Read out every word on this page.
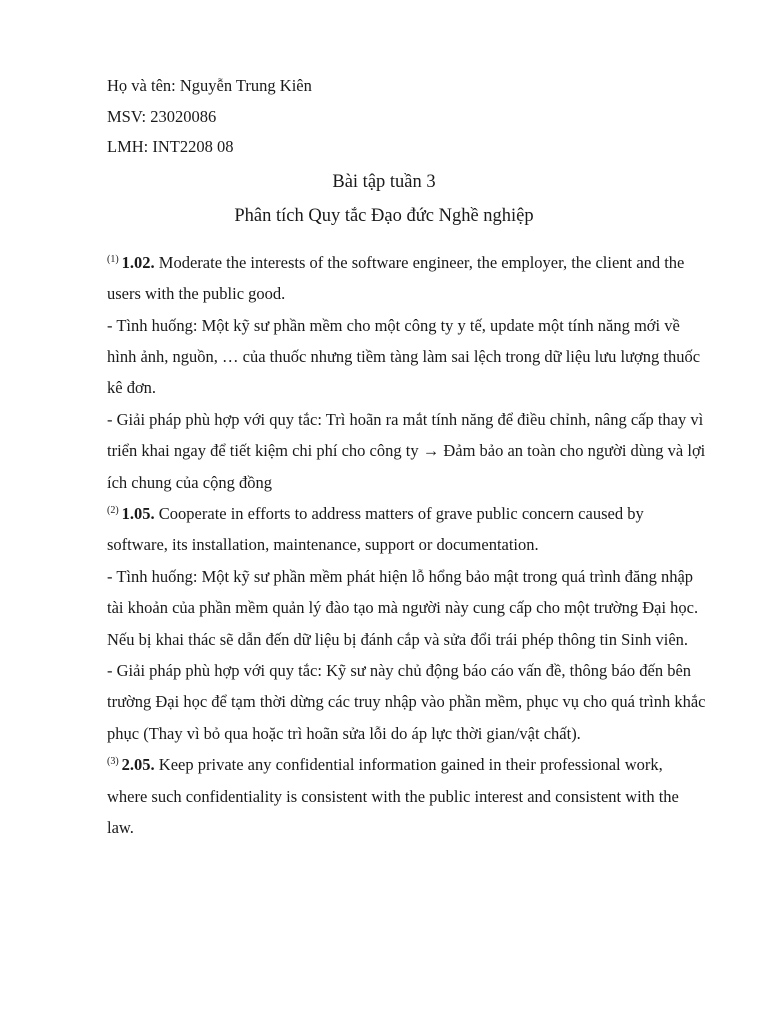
Họ và tên: Nguyễn Trung Kiên
MSV: 23020086
LMH: INT2208 08
Bài tập tuần 3
Phân tích Quy tắc Đạo đức Nghề nghiệp

$^{(1)}$ 1.02. Moderate the interests of the software engineer, the employer, the client and the users with the public good.

- Tình huống: Một kỹ sư phần mềm cho một công ty y tế, update một tính năng mới về hình ảnh, nguồn, … của thuốc nhưng tiềm tàng làm sai lệch trong dữ liệu lưu lượng thuốc kê đơn.

- Giải pháp phù hợp với quy tắc: Trì hoãn ra mắt tính năng để điều chỉnh, nâng cấp thay vì triển khai ngay để tiết kiệm chi phí cho công ty → Đảm bảo an toàn cho người dùng và lợi ích chung của cộng đồng

$^{(2)}$ 1.05. Cooperate in efforts to address matters of grave public concern caused by software, its installation, maintenance, support or documentation.

- Tình huống: Một kỹ sư phần mềm phát hiện lỗ hổng bảo mật trong quá trình đăng nhập tài khoản của phần mềm quản lý đào tạo mà người này cung cấp cho một trường Đại học. Nếu bị khai thác sẽ dẫn đến dữ liệu bị đánh cắp và sửa đổi trái phép thông tin Sinh viên.

- Giải pháp phù hợp với quy tắc: Kỹ sư này chủ động báo cáo vấn đề, thông báo đến bên trường Đại học để tạm thời dừng các truy nhập vào phần mềm, phục vụ cho quá trình khắc phục (Thay vì bỏ qua hoặc trì hoãn sửa lỗi do áp lực thời gian/vật chất).

$^{(3)}$ 2.05. Keep private any confidential information gained in their professional work, where such confidentiality is consistent with the public interest and consistent with the law.
